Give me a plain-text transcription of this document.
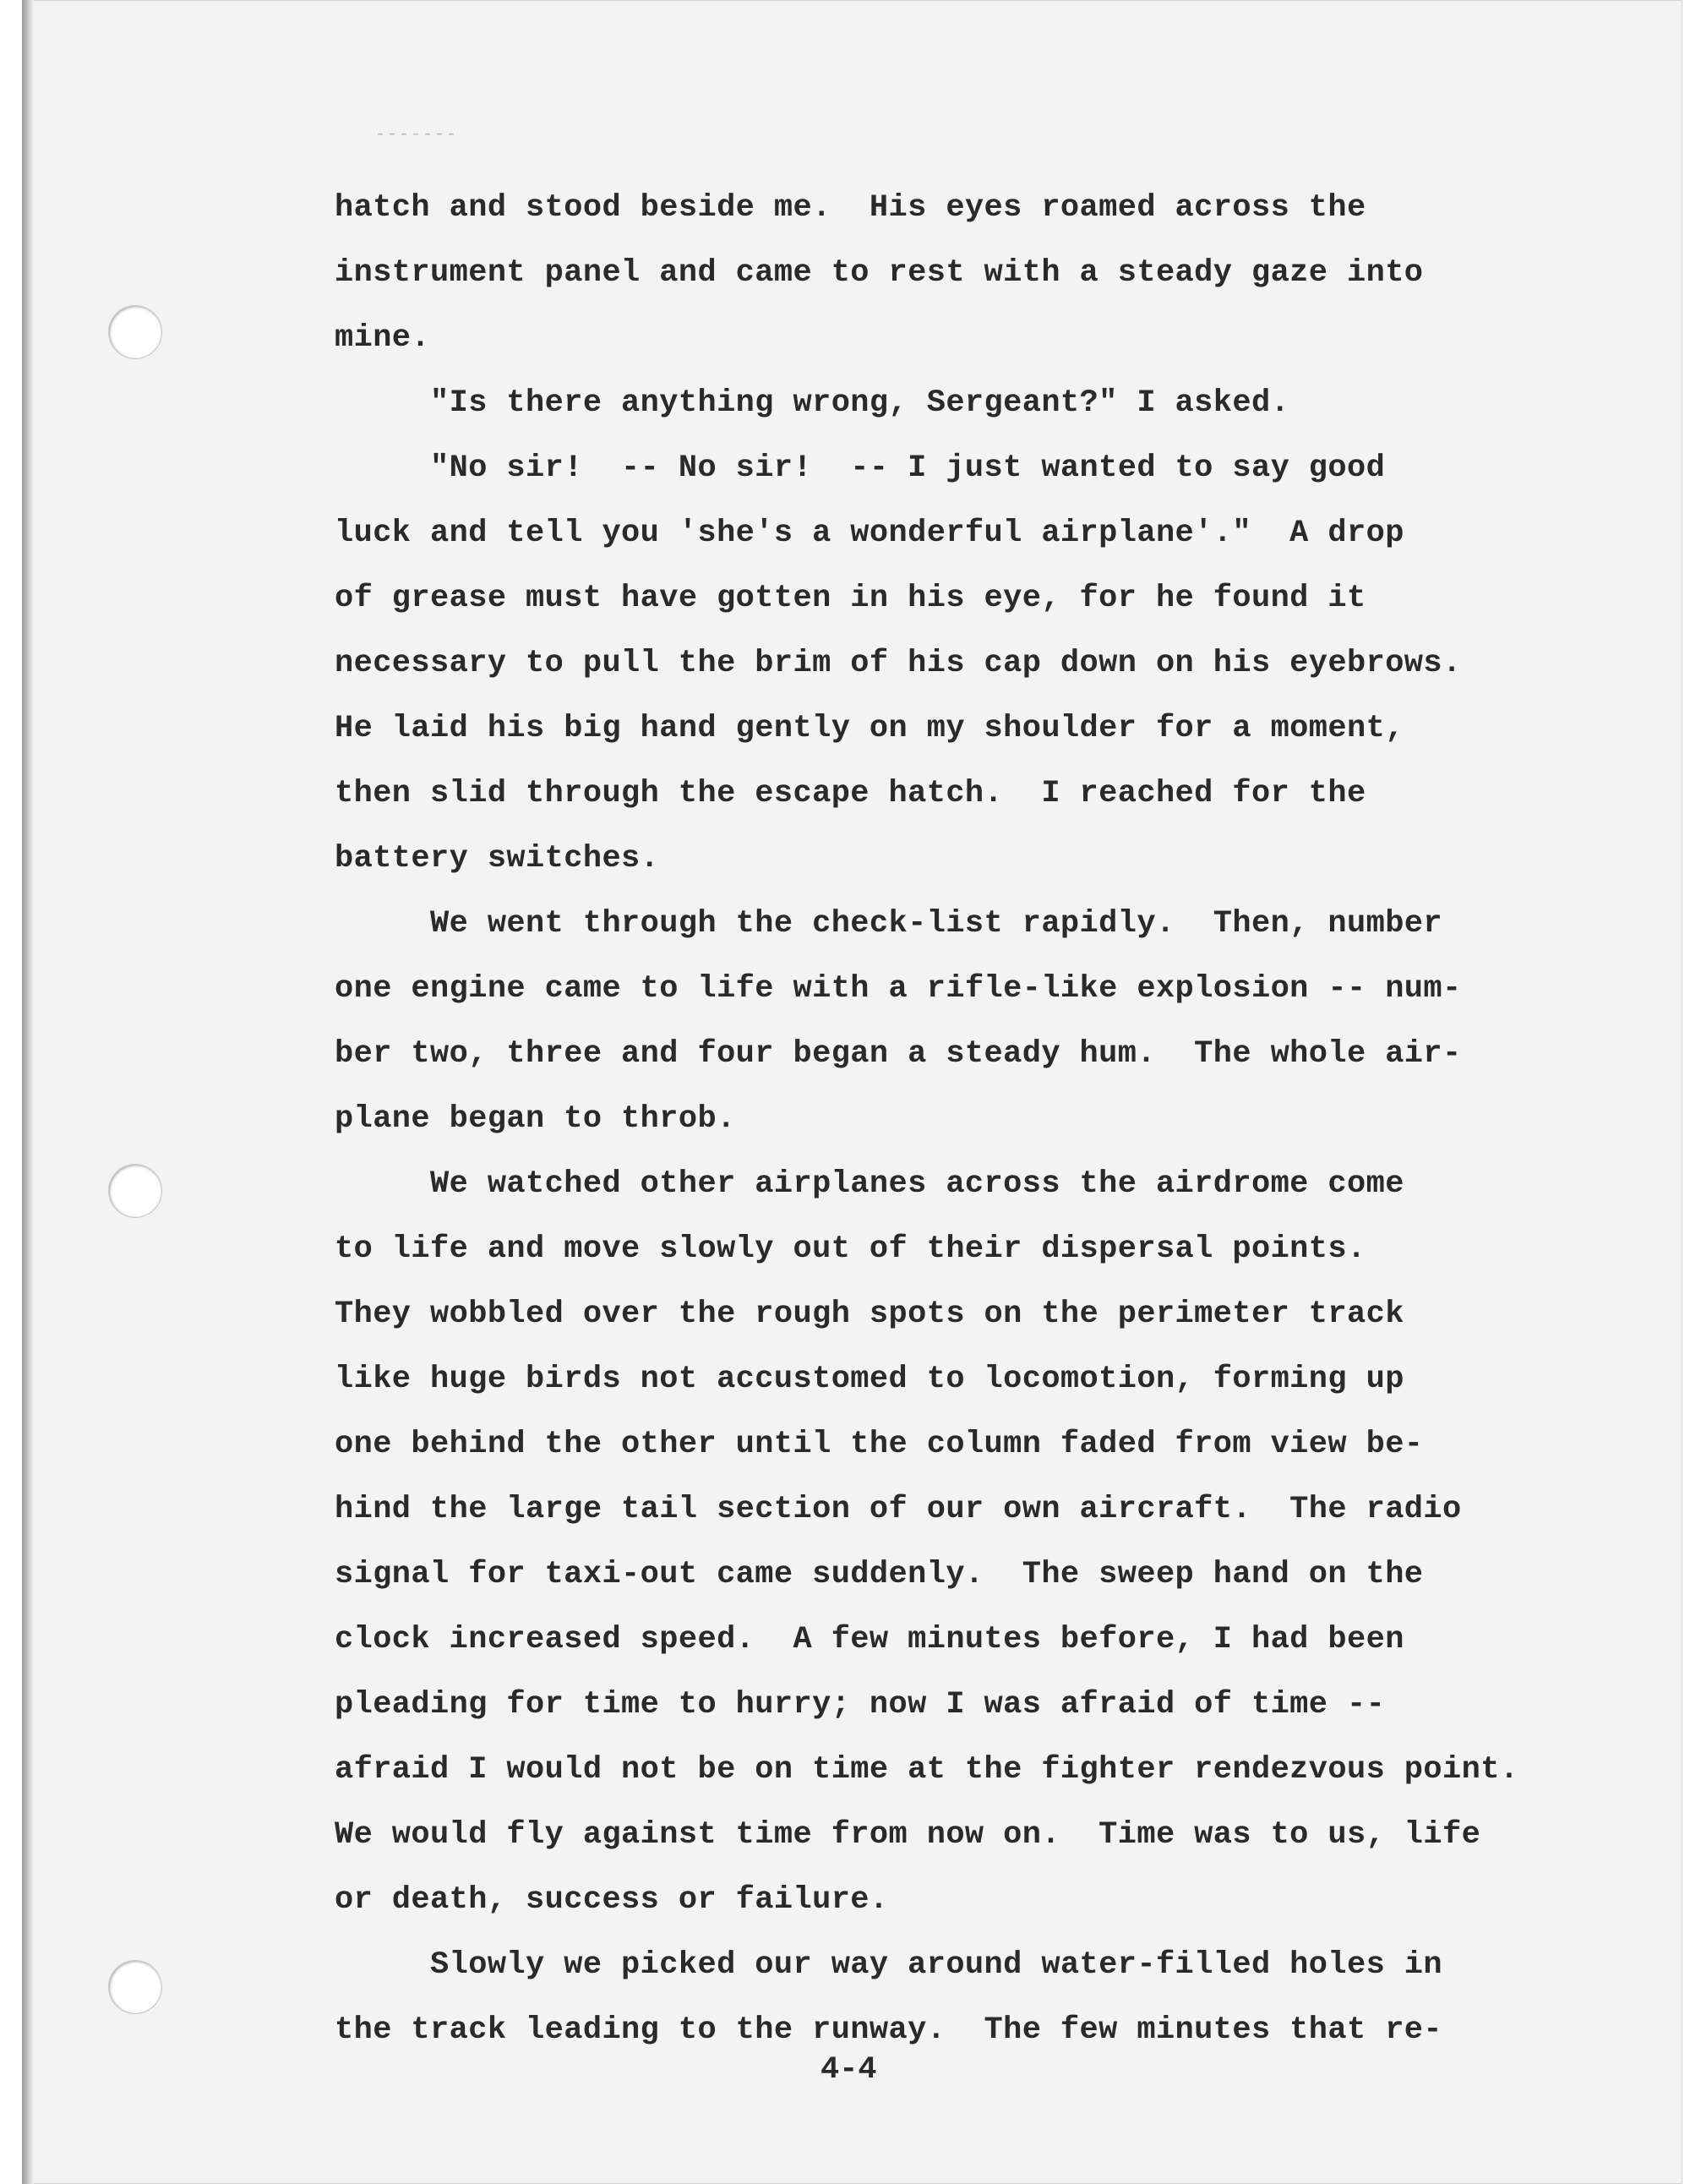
-------
hatch and stood beside me.  His eyes roamed across the
instrument panel and came to rest with a steady gaze into
mine.
"Is there anything wrong, Sergeant?" I asked.
"No sir!  -- No sir!  -- I just wanted to say good
luck and tell you 'she's a wonderful airplane'."  A drop
of grease must have gotten in his eye, for he found it
necessary to pull the brim of his cap down on his eyebrows.
He laid his big hand gently on my shoulder for a moment,
then slid through the escape hatch.  I reached for the
battery switches.
We went through the check-list rapidly.  Then, number
one engine came to life with a rifle-like explosion -- num-
ber two, three and four began a steady hum.  The whole air-
plane began to throb.
We watched other airplanes across the airdrome come
to life and move slowly out of their dispersal points.
They wobbled over the rough spots on the perimeter track
like huge birds not accustomed to locomotion, forming up
one behind the other until the column faded from view be-
hind the large tail section of our own aircraft.  The radio
signal for taxi-out came suddenly.  The sweep hand on the
clock increased speed.  A few minutes before, I had been
pleading for time to hurry; now I was afraid of time --
afraid I would not be on time at the fighter rendezvous point.
We would fly against time from now on.  Time was to us, life
or death, success or failure.
Slowly we picked our way around water-filled holes in
the track leading to the runway.  The few minutes that re-
4-4
